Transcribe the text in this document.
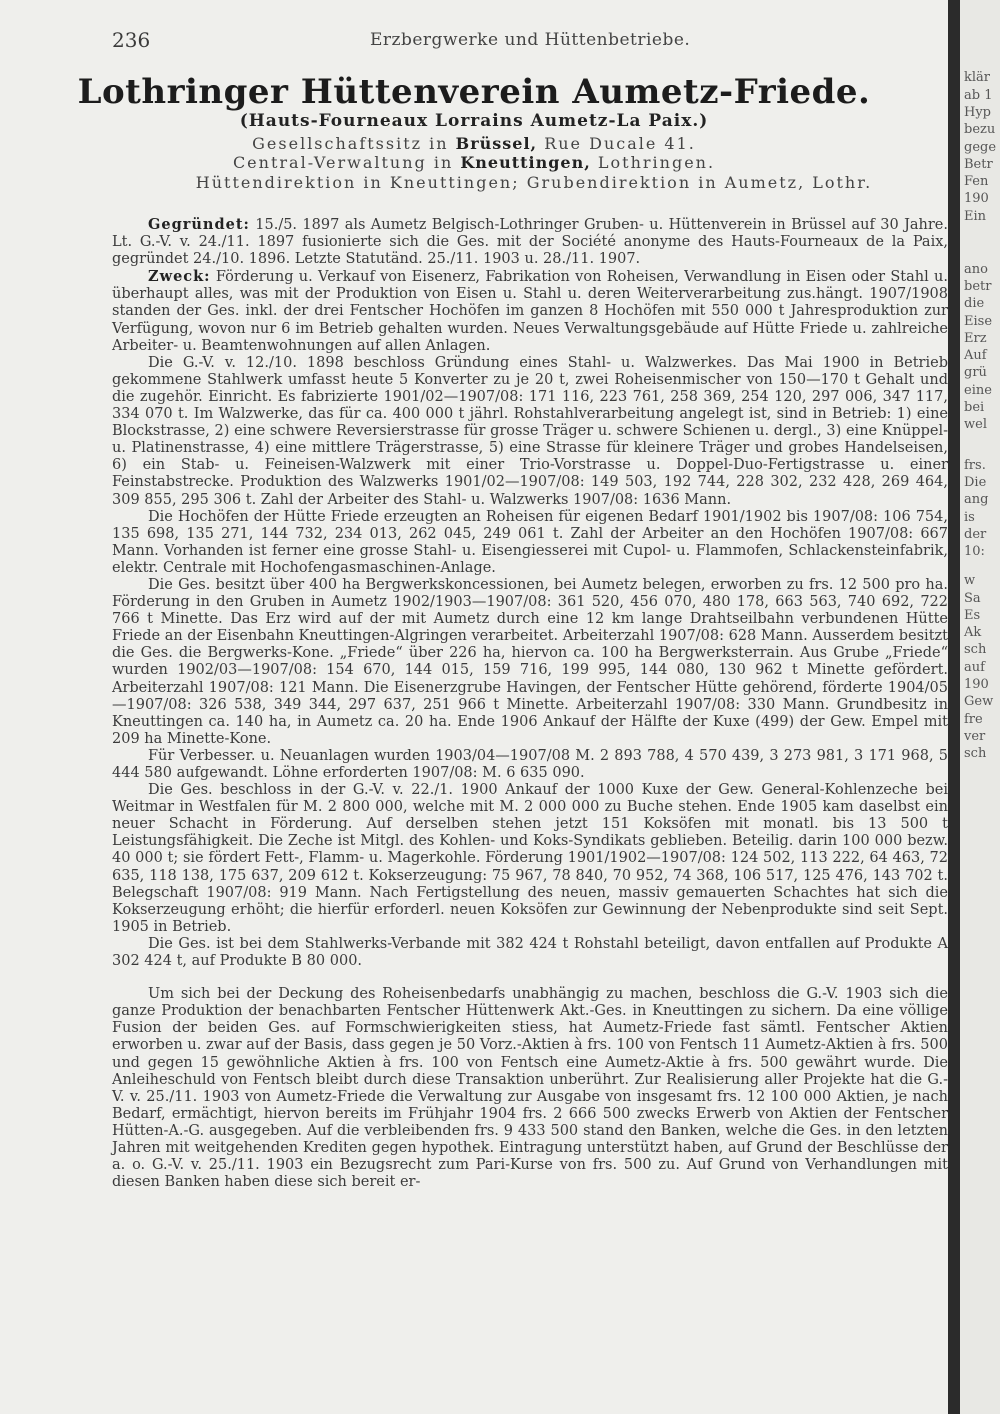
236	Erzbergwerke und Hüttenbetriebe.
Lothringer Hüttenverein Aumetz-Friede.
(Hauts-Fourneaux Lorrains Aumetz-La Paix.)
Gesellschaftssitz in Brüssel, Rue Ducale 41.
Central-Verwaltung in Kneuttingen, Lothringen.
Hüttendirektion in Kneuttingen; Grubendirektion in Aumetz, Lothr.

Gegründet: 15./5. 1897 als Aumetz Belgisch-Lothringer Gruben- u. Hüttenverein in Brüssel auf 30 Jahre. Lt. G.-V. v. 24./11. 1897 fusionierte sich die Ges. mit der Société anonyme des Hauts-Fourneaux de la Paix, gegründet 24./10. 1896. Letzte Statutänd. 25./11. 1903 u. 28./11. 1907.

Zweck: Förderung u. Verkauf von Eisenerz, Fabrikation von Roheisen, Verwandlung in Eisen oder Stahl u. überhaupt alles, was mit der Produktion von Eisen u. Stahl u. deren Weiterverarbeitung zus.hängt. 1907/1908 standen der Ges. inkl. der drei Fentscher Hochöfen im ganzen 8 Hochöfen mit 550 000 t Jahresproduktion zur Verfügung, wovon nur 6 im Betrieb gehalten wurden. Neues Verwaltungsgebäude auf Hütte Friede u. zahlreiche Arbeiter- u. Beamtenwohnungen auf allen Anlagen.

Die G.-V. v. 12./10. 1898 beschloss Gründung eines Stahl- u. Walzwerkes. Das Mai 1900 in Betrieb gekommene Stahlwerk umfasst heute 5 Konverter zu je 20 t, zwei Roheisenmischer von 150—170 t Gehalt und die zugehör. Einricht. Es fabrizierte 1901/02—1907/08: 171 116, 223 761, 258 369, 254 120, 297 006, 347 117, 334 070 t. Im Walzwerke, das für ca. 400 000 t jährl. Rohstahlverarbeitung angelegt ist, sind in Betrieb: 1) eine Blockstrasse, 2) eine schwere Reversierstrasse für grosse Träger u. schwere Schienen u. dergl., 3) eine Knüppel- u. Platinenstrasse, 4) eine mittlere Trägerstrasse, 5) eine Strasse für kleinere Träger und grobes Handelseisen, 6) ein Stab- u. Feineisen-Walzwerk mit einer Trio-Vorstrasse u. Doppel-Duo-Fertigstrasse u. einer Feinstabstrecke. Produktion des Walzwerks 1901/02—1907/08: 149 503, 192 744, 228 302, 232 428, 269 464, 309 855, 295 306 t. Zahl der Arbeiter des Stahl- u. Walzwerks 1907/08: 1636 Mann.

Die Hochöfen der Hütte Friede erzeugten an Roheisen für eigenen Bedarf 1901/1902 bis 1907/08: 106 754, 135 698, 135 271, 144 732, 234 013, 262 045, 249 061 t. Zahl der Arbeiter an den Hochöfen 1907/08: 667 Mann. Vorhanden ist ferner eine grosse Stahl- u. Eisengiesserei mit Cupol- u. Flammofen, Schlackensteinfabrik, elektr. Centrale mit Hochofengasmaschinen-Anlage.

Die Ges. besitzt über 400 ha Bergwerkskoncessionen, bei Aumetz belegen, erworben zu frs. 12 500 pro ha. Förderung in den Gruben in Aumetz 1902/1903—1907/08: 361 520, 456 070, 480 178, 663 563, 740 692, 722 766 t Minette. Das Erz wird auf der mit Aumetz durch eine 12 km lange Drahtseilbahn verbundenen Hütte Friede an der Eisenbahn Kneuttingen-Algringen verarbeitet. Arbeiterzahl 1907/08: 628 Mann. Ausserdem besitzt die Ges. die Bergwerks-Kone. „Friede“ über 226 ha, hiervon ca. 100 ha Bergwerksterrain. Aus Grube „Friede“ wurden 1902/03—1907/08: 154 670, 144 015, 159 716, 199 995, 144 080, 130 962 t Minette gefördert. Arbeiterzahl 1907/08: 121 Mann. Die Eisenerzgrube Havingen, der Fentscher Hütte gehörend, förderte 1904/05—1907/08: 326 538, 349 344, 297 637, 251 966 t Minette. Arbeiterzahl 1907/08: 330 Mann. Grundbesitz in Kneuttingen ca. 140 ha, in Aumetz ca. 20 ha. Ende 1906 Ankauf der Hälfte der Kuxe (499) der Gew. Empel mit 209 ha Minette-Kone.

Für Verbesser. u. Neuanlagen wurden 1903/04—1907/08 M. 2 893 788, 4 570 439, 3 273 981, 3 171 968, 5 444 580 aufgewandt. Löhne erforderten 1907/08: M. 6 635 090.

Die Ges. beschloss in der G.-V. v. 22./1. 1900 Ankauf der 1000 Kuxe der Gew. General-Kohlenzeche bei Weitmar in Westfalen für M. 2 800 000, welche mit M. 2 000 000 zu Buche stehen. Ende 1905 kam daselbst ein neuer Schacht in Förderung. Auf derselben stehen jetzt 151 Koksöfen mit monatl. bis 13 500 t Leistungsfähigkeit. Die Zeche ist Mitgl. des Kohlen- und Koks-Syndikats geblieben. Beteilig. darin 100 000 bezw. 40 000 t; sie fördert Fett-, Flamm- u. Magerkohle. Förderung 1901/1902—1907/08: 124 502, 113 222, 64 463, 72 635, 118 138, 175 637, 209 612 t. Kokserzeugung: 75 967, 78 840, 70 952, 74 368, 106 517, 125 476, 143 702 t. Belegschaft 1907/08: 919 Mann. Nach Fertigstellung des neuen, massiv gemauerten Schachtes hat sich die Kokserzeugung erhöht; die hierfür erforderl. neuen Koksöfen zur Gewinnung der Nebenprodukte sind seit Sept. 1905 in Betrieb.

Die Ges. ist bei dem Stahlwerks-Verbande mit 382 424 t Rohstahl beteiligt, davon entfallen auf Produkte A 302 424 t, auf Produkte B 80 000.

Um sich bei der Deckung des Roheisenbedarfs unabhängig zu machen, beschloss die G.-V. 1903 sich die ganze Produktion der benachbarten Fentscher Hüttenwerk Akt.-Ges. in Kneuttingen zu sichern. Da eine völlige Fusion der beiden Ges. auf Formschwierigkeiten stiess, hat Aumetz-Friede fast sämtl. Fentscher Aktien erworben u. zwar auf der Basis, dass gegen je 50 Vorz.-Aktien à frs. 100 von Fentsch 11 Aumetz-Aktien à frs. 500 und gegen 15 gewöhnliche Aktien à frs. 100 von Fentsch eine Aumetz-Aktie à frs. 500 gewährt wurde. Die Anleiheschuld von Fentsch bleibt durch diese Transaktion unberührt. Zur Realisierung aller Projekte hat die G.-V. v. 25./11. 1903 von Aumetz-Friede die Verwaltung zur Ausgabe von insgesamt frs. 12 100 000 Aktien, je nach Bedarf, ermächtigt, hiervon bereits im Frühjahr 1904 frs. 2 666 500 zwecks Erwerb von Aktien der Fentscher Hütten-A.-G. ausgegeben. Auf die verbleibenden frs. 9 433 500 stand den Banken, welche die Ges. in den letzten Jahren mit weitgehenden Krediten gegen hypothek. Eintragung unterstützt haben, auf Grund der Beschlüsse der a. o. G.-V. v. 25./11. 1903 ein Bezugsrecht zum Pari-Kurse von frs. 500 zu. Auf Grund von Verhandlungen mit diesen Banken haben diese sich bereit er-

klär
ab 1
Hyp
bezu
gege
Betr
Fen
190
Ein
ano
betr
die
Eise
Erz
Auf
grü
eine
bei
wel
frs.
Die
ang
is
der
10:
w
Sa
Es
Ak
sch
auf
190
Gew
fre
ver
sch
